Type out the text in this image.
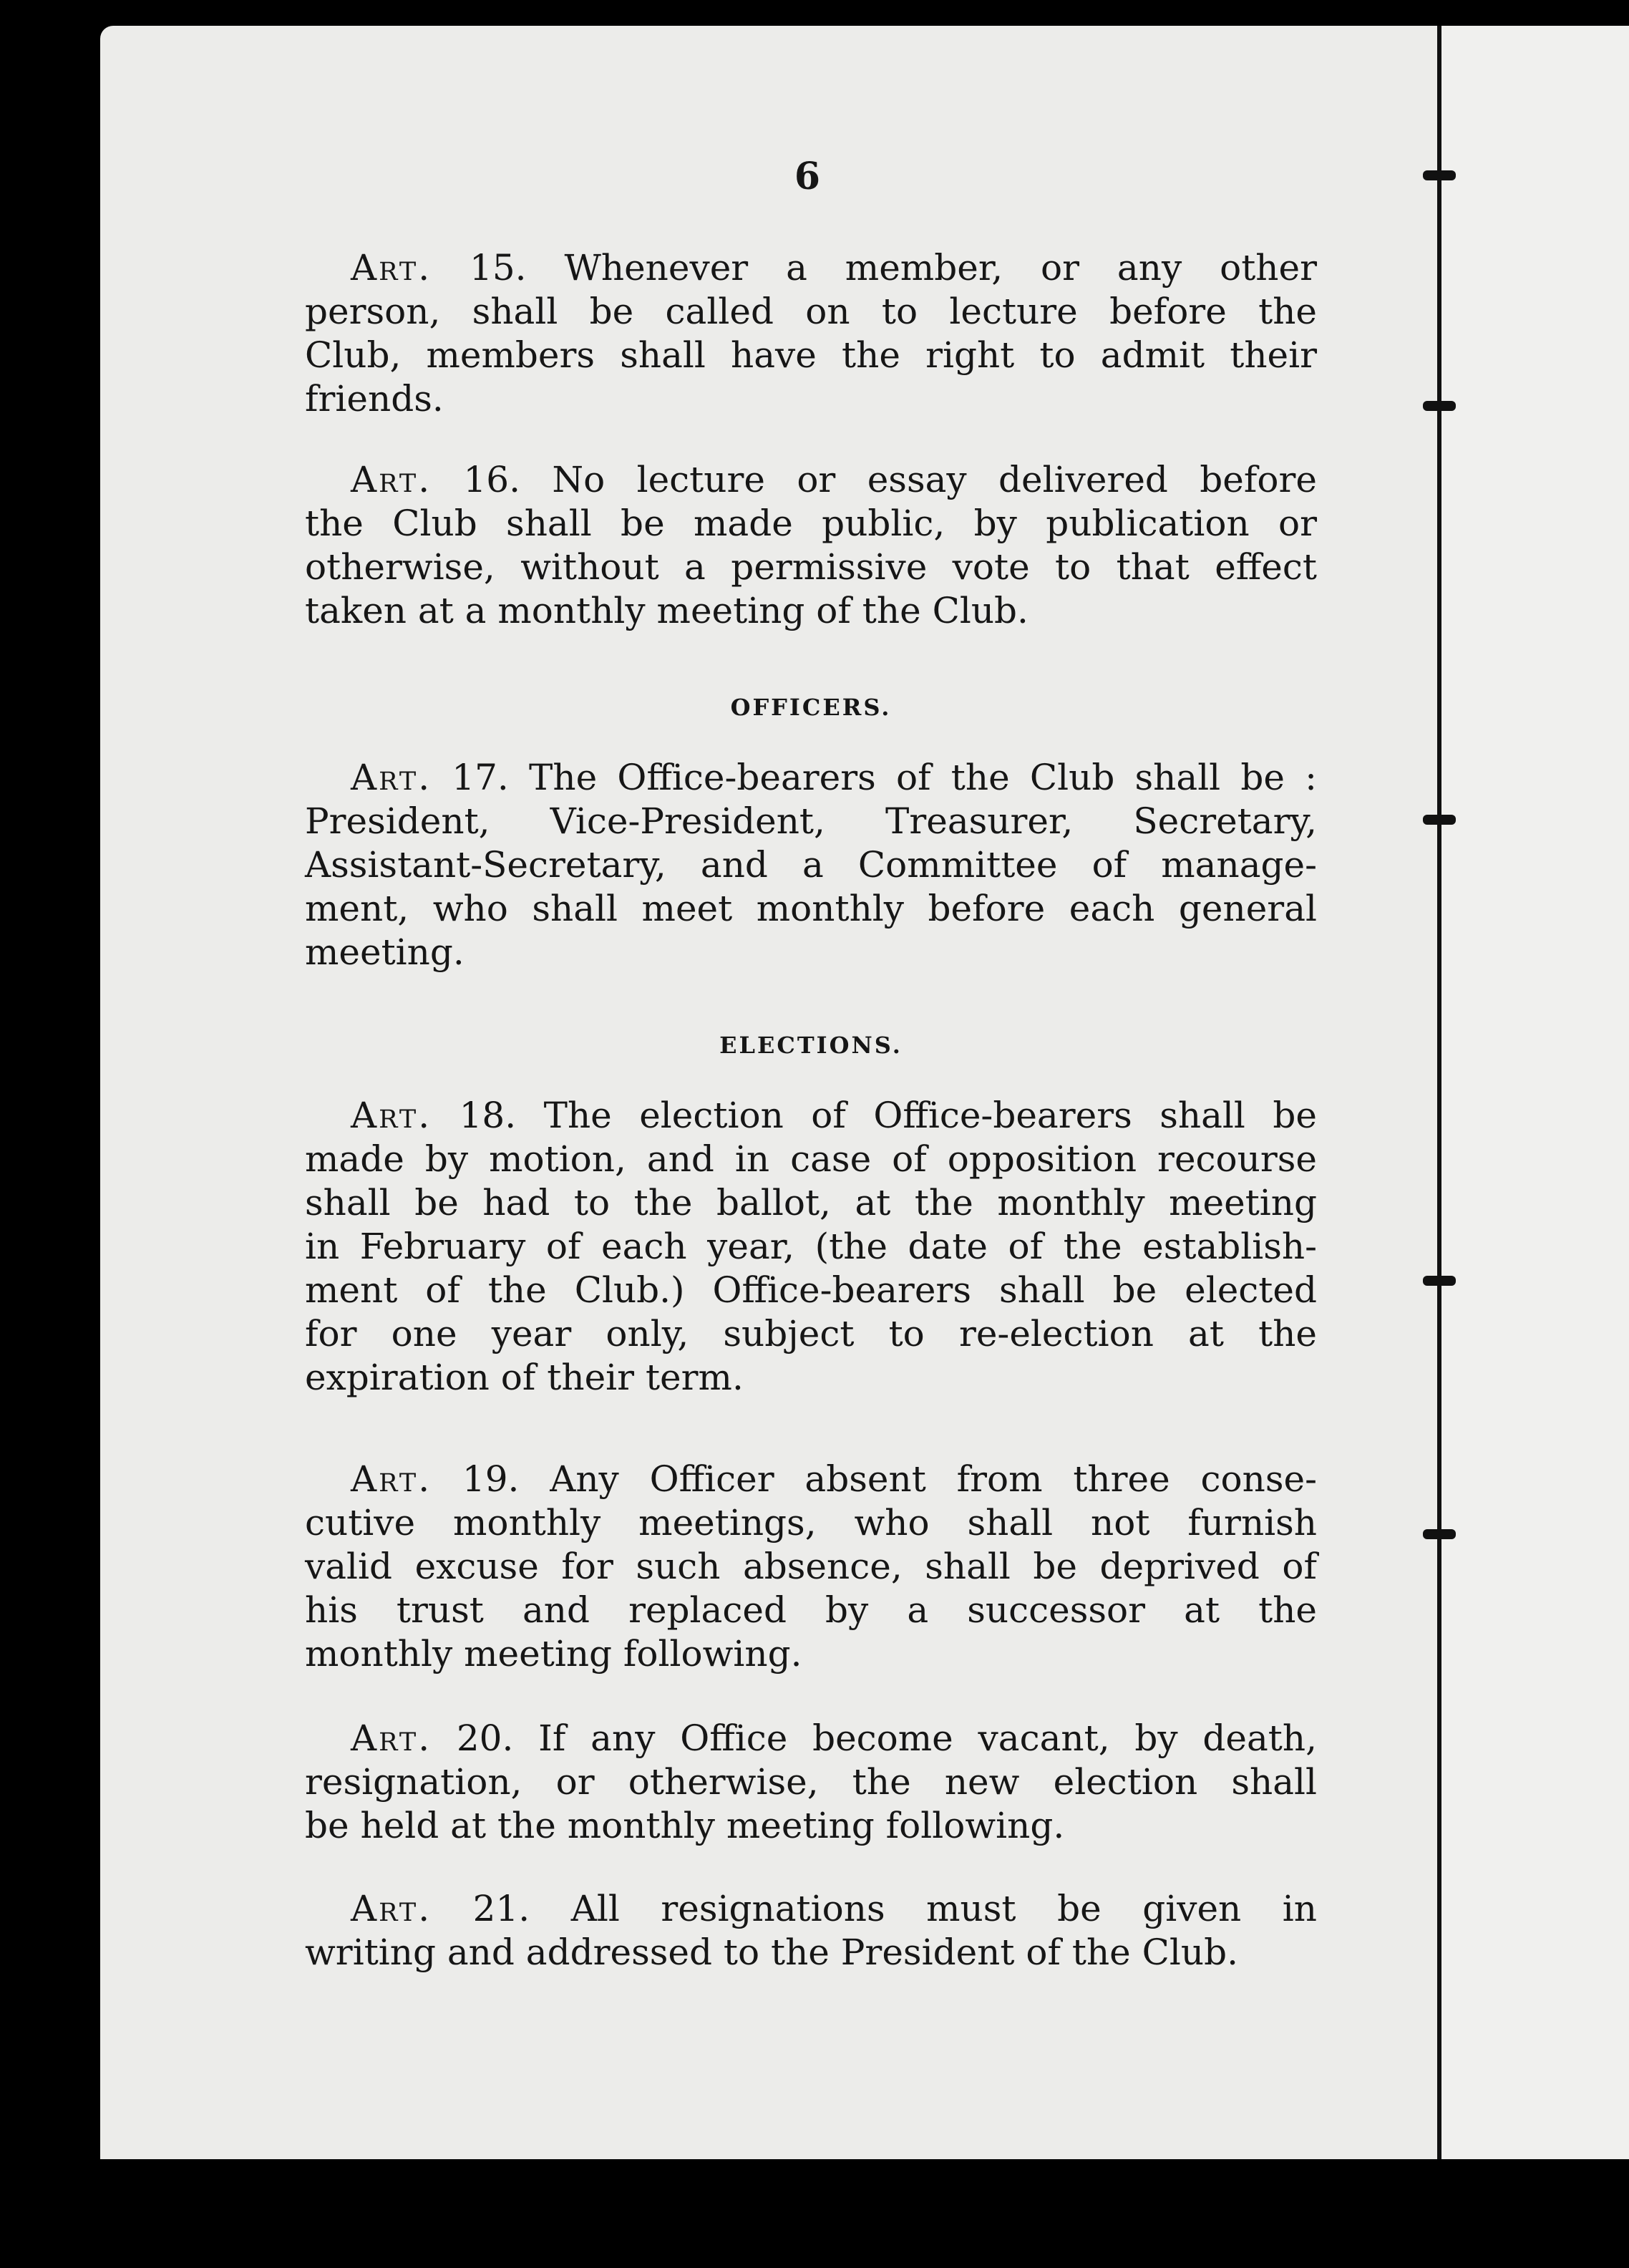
6
Art. 15. Whenever a member, or any other
person, shall be called on to lecture before the
Club, members shall have the right to admit their
friends.
Art. 16. No lecture or essay delivered before
the Club shall be made public, by publication or
otherwise, without a permissive vote to that effect
taken at a monthly meeting of the Club.
OFFICERS.
Art. 17. The Office-bearers of the Club shall be :
President, Vice-President, Treasurer, Secretary,
Assistant-Secretary, and a Committee of manage-
ment, who shall meet monthly before each general
meeting.
ELECTIONS.
Art. 18. The election of Office-bearers shall be
made by motion, and in case of opposition recourse
shall be had to the ballot, at the monthly meeting
in February of each year, (the date of the establish-
ment of the Club.) Office-bearers shall be elected
for one year only, subject to re-election at the
expiration of their term.
Art. 19. Any Officer absent from three conse-
cutive monthly meetings, who shall not furnish
valid excuse for such absence, shall be deprived of
his trust and replaced by a successor at the
monthly meeting following.
Art. 20. If any Office become vacant, by death,
resignation, or otherwise, the new election shall
be held at the monthly meeting following.
Art. 21. All resignations must be given in
writing and addressed to the President of the Club.
